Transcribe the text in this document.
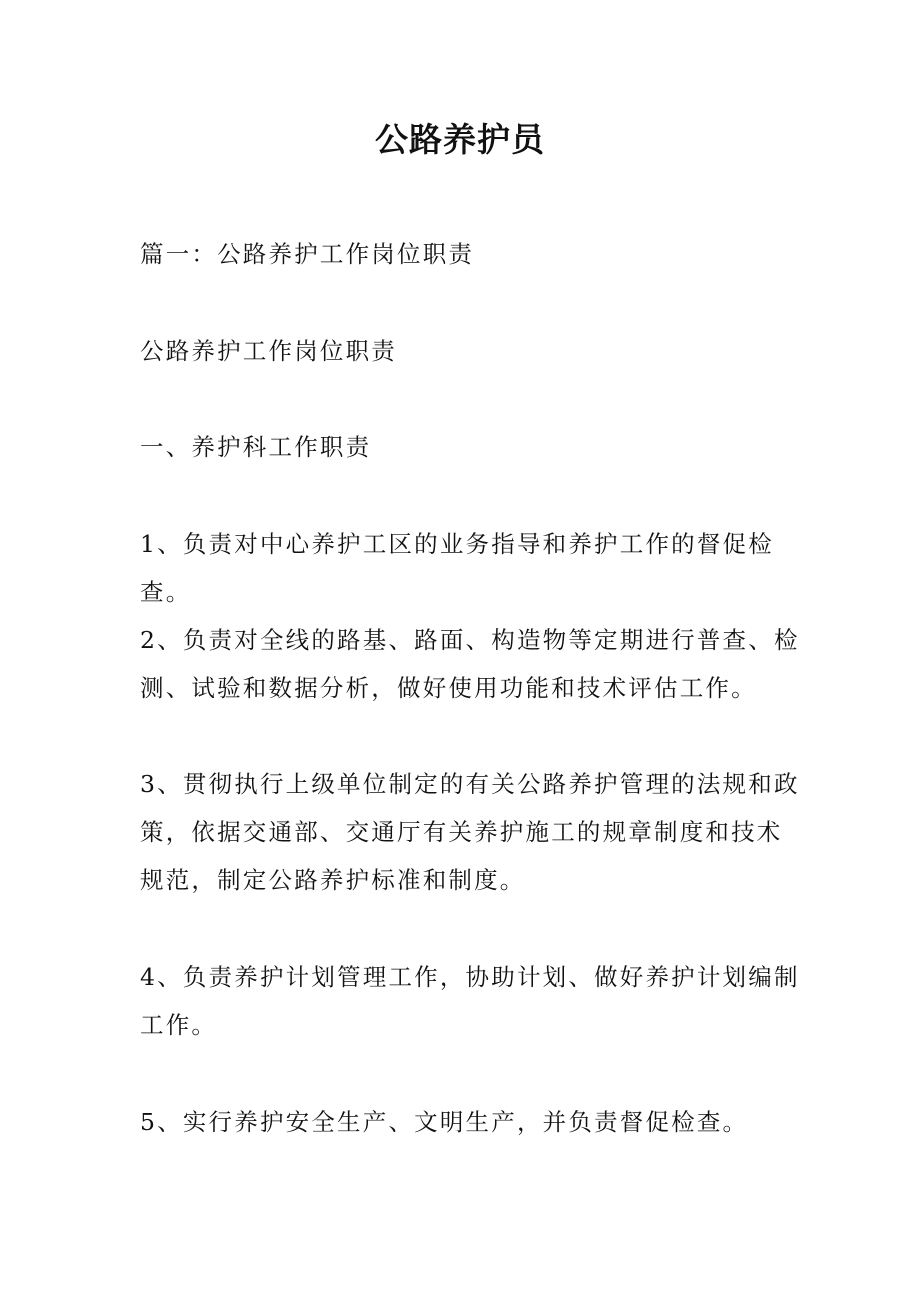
公路养护员

篇一：公路养护工作岗位职责

公路养护工作岗位职责

一、养护科工作职责

1、负责对中心养护工区的业务指导和养护工作的督促检查。

2、负责对全线的路基、路面、构造物等定期进行普查、检测、试验和数据分析，做好使用功能和技术评估工作。

3、贯彻执行上级单位制定的有关公路养护管理的法规和政策，依据交通部、交通厅有关养护施工的规章制度和技术规范，制定公路养护标准和制度。

4、负责养护计划管理工作，协助计划、做好养护计划编制工作。

5、实行养护安全生产、文明生产，并负责督促检查。
